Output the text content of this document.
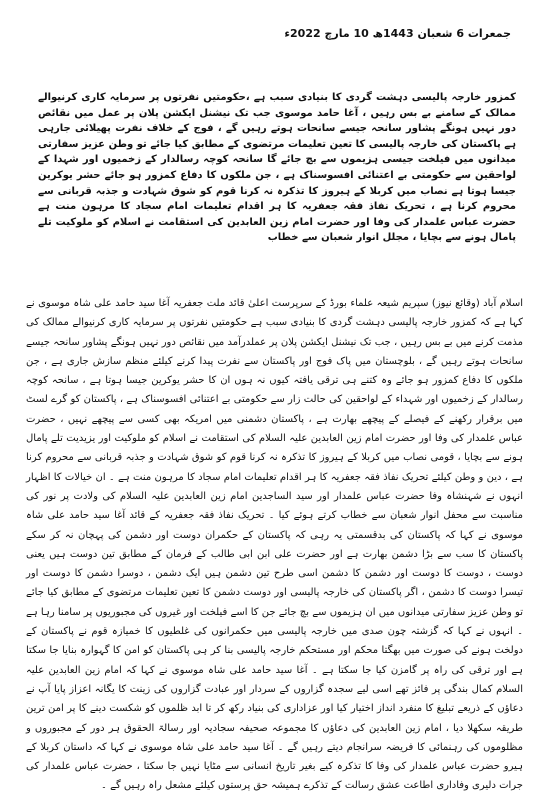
جمعرات 6 شعبان 1443ھ 10 مارچ 2022ء

کمزور خارجہ پالیسی دہشت گردی کا بنیادی سبب ہے ،حکومتیں نفرتوں پر سرمایہ کاری کرنیوالے ممالک کے سامنے بے بس رہیں ، آغا حامد موسوی جب تک نیشنل ایکشن پلان پر عمل میں نقائص دور نہیں ہونگے پشاور سانحہ جیسے سانحات ہوتے رہیں گے ، فوج کے خلاف نفرت پھیلائی جارہی ہے پاکستان کی خارجہ پالیسی کا تعین تعلیمات مرتضوی کے مطابق کیا جائے تو وطن عزیز سفارتی میدانوں میں فیلخت جیسی ہزیموں سے بچ جائے گا سانحہ کوچہ رسالدار کے زخمیوں اور شہدا کے لواحقین سے حکومتی بے اعتنائی افسوسناک ہے ، جن ملکوں کا دفاع کمزور ہو جائے حشر یوکرین جیسا ہوتا ہے نصاب میں کربلا کے ہیروز کا تذکرہ نہ کرنا قوم کو شوق شہادت و جذبہ قربانی سے محروم کرنا ہے ، تحریک نفاذ فقہ جعفریہ کا ہر اقدام تعلیمات امام سجاد کا مرہون منت ہے حضرت عباس علمدار کی وفا اور حضرت امام زین العابدین کی استقامت نے اسلام کو ملوکیت تلے پامال ہونے سے بچایا ، مجلل انوار شعبان سے خطاب

اسلام آباد (وقائع نیوز) سپریم شیعہ علماء بورڈ کے سرپرست اعلیٰ قائد ملت جعفریہ آغا سید حامد علی شاہ موسوی نے کہا ہے کہ کمزور خارجہ پالیسی دہشت گردی کا بنیادی سبب ہے حکومتیں نفرتوں پر سرمایہ کاری کرنیوالے ممالک کی مذمت کرنے میں بے بس رہیں ، جب تک نیشنل ایکشن پلان پر عملدرآمد میں نقائص دور نہیں ہونگے پشاور سانحہ جیسے سانحات ہوتے رہیں گے ، بلوچستان میں پاک فوج اور پاکستان سے نفرت پیدا کرنے کیلئے منظم سازش جاری ہے ، جن ملکوں کا دفاع کمزور ہو جائے وہ کتنے ہی ترقی یافتہ کیوں نہ ہوں ان کا حشر یوکرین جیسا ہوتا ہے ، سانحہ کوچہ رسالدار کے زخمیوں اور شہداء کے لواحقین کی حالت زار سے حکومتی بے اعتنائی افسوسناک ہے ، پاکستان کو گرے لسٹ میں برقرار رکھنے کے فیصلے کے پیچھے بھارت ہے ، پاکستان دشمنی میں امریکہ بھی کسی سے پیچھے نہیں ، حضرت عباس علمدار کی وفا اور حضرت امام زین العابدین علیہ السلام کی استقامت نے اسلام کو ملوکیت اور یزیدیت تلے پامال ہونے سے بچایا ، قومی نصاب میں کربلا کے ہیروز کا تذکرہ نہ کرنا قوم کو شوق شہادت و جذبہ قربانی سے محروم کرنا ہے ، دین و وطن کیلئے تحریک نفاذ فقہ جعفریہ کا ہر اقدام تعلیمات امام سجاد کا مرہون منت ہے ۔ ان خیالات کا اظہار انہوں نے شہنشاہ وفا حضرت عباس علمدار اور سید الساجدین امام زین العابدین علیہ السلام کی ولادت پر نور کی مناسبت سے محفل انوار شعبان سے خطاب کرتے ہوئے کیا ۔ تحریک نفاذ فقہ جعفریہ کے قائد آغا سید حامد علی شاہ موسوی نے کہا کہ پاکستان کی بدقسمتی یہ رہی کہ پاکستان کے حکمران دوست اور دشمن کی پہچان نہ کر سکے پاکستان کا سب سے بڑا دشمن بھارت ہے اور حضرت علی ابن ابی طالب کے فرمان کے مطابق تین دوست ہیں یعنی دوست ، دوست کا دوست اور دشمن کا دشمن اسی طرح تین دشمن ہیں ایک دشمن ، دوسرا دشمن کا دوست اور تیسرا دوست کا دشمن ، اگر پاکستان کی خارجہ پالیسی اور دوست دشمن کا تعین تعلیمات مرتضوی کے مطابق کیا جائے تو وطن عزیز سفارتی میدانوں میں ان ہزیموں سے بچ جائے جن کا اسے فیلخت اور غیروں کی مجبوریوں پر سامنا رہا ہے ۔ انہوں نے کہا کہ گزشتہ چون صدی میں خارجہ پالیسی میں حکمرانوں کی غلطیوں کا خمیازہ قوم نے پاکستان کے دولخت ہونے کی صورت میں بھگتا محکم اور مستحکم خارجہ پالیسی بنا کر ہی پاکستان کو امن کا گہوارہ بنایا جا سکتا ہے اور ترقی کی راہ پر گامزن کیا جا سکتا ہے ۔ آغا سید حامد علی شاہ موسوی نے کہا کہ امام زین العابدین علیہ السلام کمال بندگی پر فائز تھے اسی لیے سجدہ گزاروں کے سردار اور عبادت گزاروں کی زینت کا یگانہ اعزاز پایا آپ نے دعاؤں کے ذریعے تبلیغ کا منفرد انداز اختیار کیا اور عزاداری کی بنیاد رکھ کر تا ابد ظلموں کو شکست دینے کا پر امن ترین طریقہ سکھلا دیا ، امام زین العابدین کی دعاؤں کا مجموعہ صحیفہ سجادیہ اور رسالۃ الحقوق ہر دور کے مجبوروں و مظلوموں کی رہنمائی کا فریضہ سرانجام دیتے رہیں گے ۔ آغا سید حامد علی شاہ موسوی نے کہا کہ داستان کربلا کے ہیرو حضرت عباس علمدار کی وفا کا تذکرہ کیے بغیر تاریخ انسانی سے مٹایا نہیں جا سکتا ، حضرت عباس علمدار کی جرات دلیری وفاداری اطاعت عشق رسالت کے تذکرے ہمیشہ حق پرستوں کیلئے مشعل راہ رہیں گے ۔
